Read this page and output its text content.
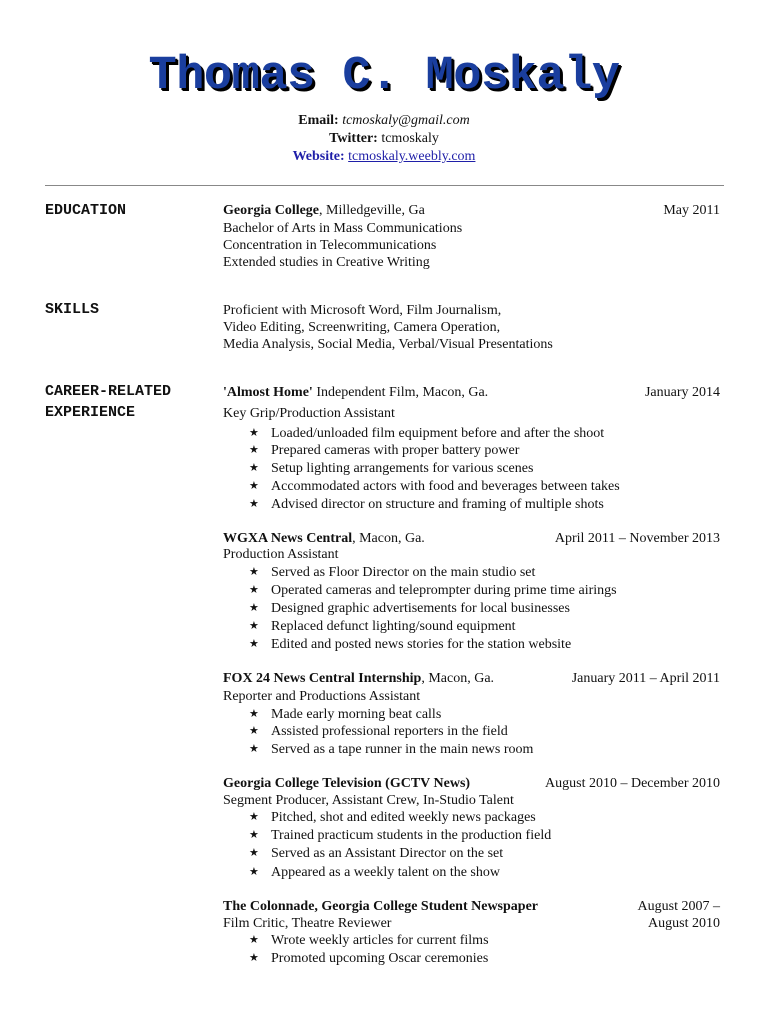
Thomas C. Moskaly
Email: tcmoskaly@gmail.com
Twitter: tcmoskaly
Website: tcmoskaly.weebly.com
EDUCATION	Georgia College, Milledgeville, Ga	May 2011
Bachelor of Arts in Mass Communications
Concentration in Telecommunications
Extended studies in Creative Writing
SKILLS	Proficient with Microsoft Word, Film Journalism,
Video Editing, Screenwriting, Camera Operation,
Media Analysis, Social Media, Verbal/Visual Presentations
CAREER-RELATED
EXPERIENCE
'Almost Home' Independent Film, Macon, Ga.	January 2014
Key Grip/Production Assistant
★ Loaded/unloaded film equipment before and after the shoot
★ Prepared cameras with proper battery power
★ Setup lighting arrangements for various scenes
★ Accommodated actors with food and beverages between takes
★ Advised director on structure and framing of multiple shots
WGXA News Central, Macon, Ga.	April 2011 – November 2013
Production Assistant
★ Served as Floor Director on the main studio set
★ Operated cameras and teleprompter during prime time airings
★ Designed graphic advertisements for local businesses
★ Replaced defunct lighting/sound equipment
★ Edited and posted news stories for the station website
FOX 24 News Central Internship, Macon, Ga.	January 2011 – April 2011
Reporter and Productions Assistant
★ Made early morning beat calls
★ Assisted professional reporters in the field
★ Served as a tape runner in the main news room
Georgia College Television (GCTV News)	August 2010 – December 2010
Segment Producer, Assistant Crew, In-Studio Talent
★ Pitched, shot and edited weekly news packages
★ Trained practicum students in the production field
★ Served as an Assistant Director on the set
★ Appeared as a weekly talent on the show
The Colonnade, Georgia College Student Newspaper	August 2007 –
Film Critic, Theatre Reviewer	August 2010
★ Wrote weekly articles for current films
★ Promoted upcoming Oscar ceremonies
